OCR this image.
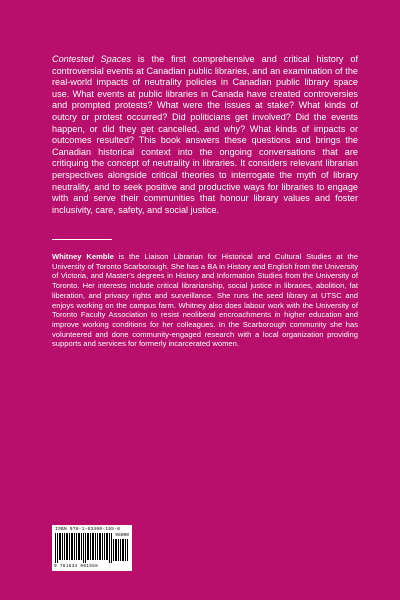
Contested Spaces is the first comprehensive and critical history of controversial events at Canadian public libraries, and an examination of the real-world impacts of neutrality policies in Canadian public library space use. What events at public libraries in Canada have created controversies and prompted protests? What were the issues at stake? What kinds of outcry or protest occurred? Did politicians get involved? Did the events happen, or did they get cancelled, and why? What kinds of impacts or outcomes resulted? This book answers these questions and brings the Canadian historical context into the ongoing conversations that are critiquing the concept of neutrality in libraries. It considers relevant librarian perspectives alongside critical theories to interrogate the myth of library neutrality, and to seek positive and productive ways for libraries to engage with and serve their communities that honour library values and foster inclusivity, care, safety, and social justice.

Whitney Kemble is the Liaison Librarian for Historical and Cultural Studies at the University of Toronto Scarborough. She has a BA in History and English from the University of Victoria, and Master’s degrees in History and Information Studies from the University of Toronto. Her interests include critical librarianship, social justice in libraries, abolition, fat liberation, and privacy rights and surveillance. She runs the seed library at UTSC and enjoys working on the campus farm. Whitney also does labour work with the University of Toronto Faculty Association to resist neoliberal encroachments in higher education and improve working conditions for her colleagues. In the Scarborough community she has volunteered and done community-engaged research with a local organization providing supports and services for formerly incarcerated women.

ISBN 978-1-63400-155-8
95000
9 781634 001558
